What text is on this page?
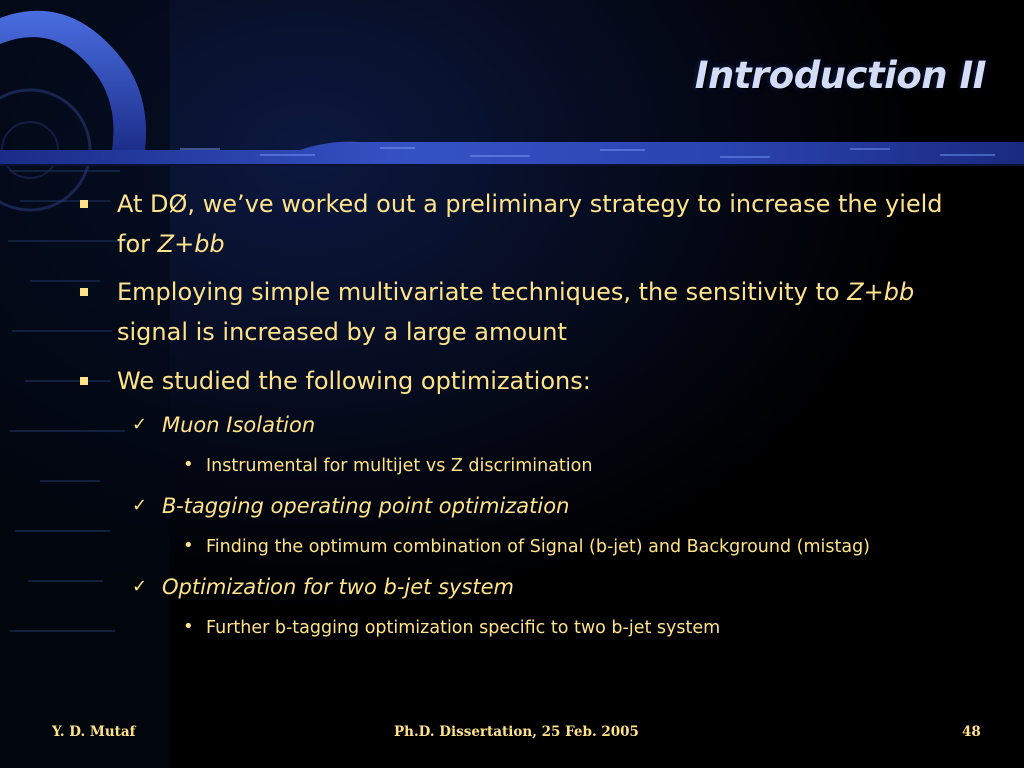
Introduction II
At DØ, we’ve worked out a preliminary strategy to increase the yield
for Z+bb
Employing simple multivariate techniques, the sensitivity to Z+bb
signal is increased by a large amount
We studied the following optimizations:
✓ Muon Isolation
• Instrumental for multijet vs Z discrimination
✓ B-tagging operating point optimization
• Finding the optimum combination of Signal (b-jet) and Background (mistag)
✓ Optimization for two b-jet system
• Further b-tagging optimization specific to two b-jet system
Y. D. Mutaf	Ph.D. Dissertation, 25 Feb. 2005	48
